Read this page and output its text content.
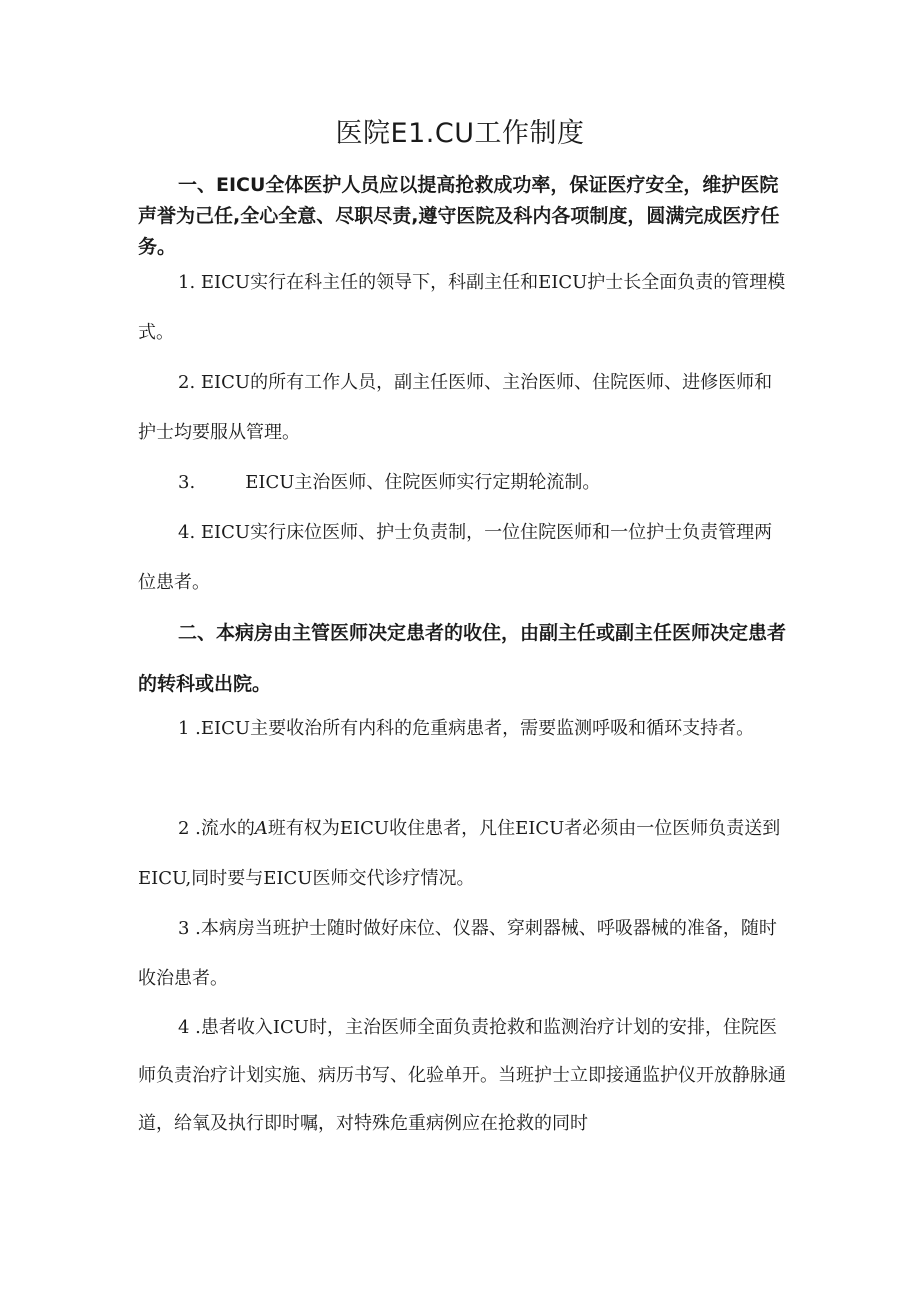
医院E1.CU工作制度

一、EICU全体医护人员应以提高抢救成功率，保证医疗安全，维护医院声誉为己任,全心全意、尽职尽责,遵守医院及科内各项制度，圆满完成医疗任务。

1. EICU实行在科主任的领导下，科副主任和EICU护士长全面负责的管理模式。

2. EICU的所有工作人员，副主任医师、主治医师、住院医师、进修医师和护士均要服从管理。

3.	EICU主治医师、住院医师实行定期轮流制。

4. EICU实行床位医师、护士负责制，一位住院医师和一位护士负责管理两位患者。

二、本病房由主管医师决定患者的收住，由副主任或副主任医师决定患者的转科或出院。

1 .EICU主要收治所有内科的危重病患者，需要监测呼吸和循环支持者。

2 .流水的A班有权为EICU收住患者，凡住EICU者必须由一位医师负责送到EICU,同时要与EICU医师交代诊疗情况。

3 .本病房当班护士随时做好床位、仪器、穿刺器械、呼吸器械的准备，随时收治患者。

4 .患者收入ICU时，主治医师全面负责抢救和监测治疗计划的安排，住院医师负责治疗计划实施、病历书写、化验单开。当班护士立即接通监护仪开放静脉通道，给氧及执行即时嘱，对特殊危重病例应在抢救的同时
